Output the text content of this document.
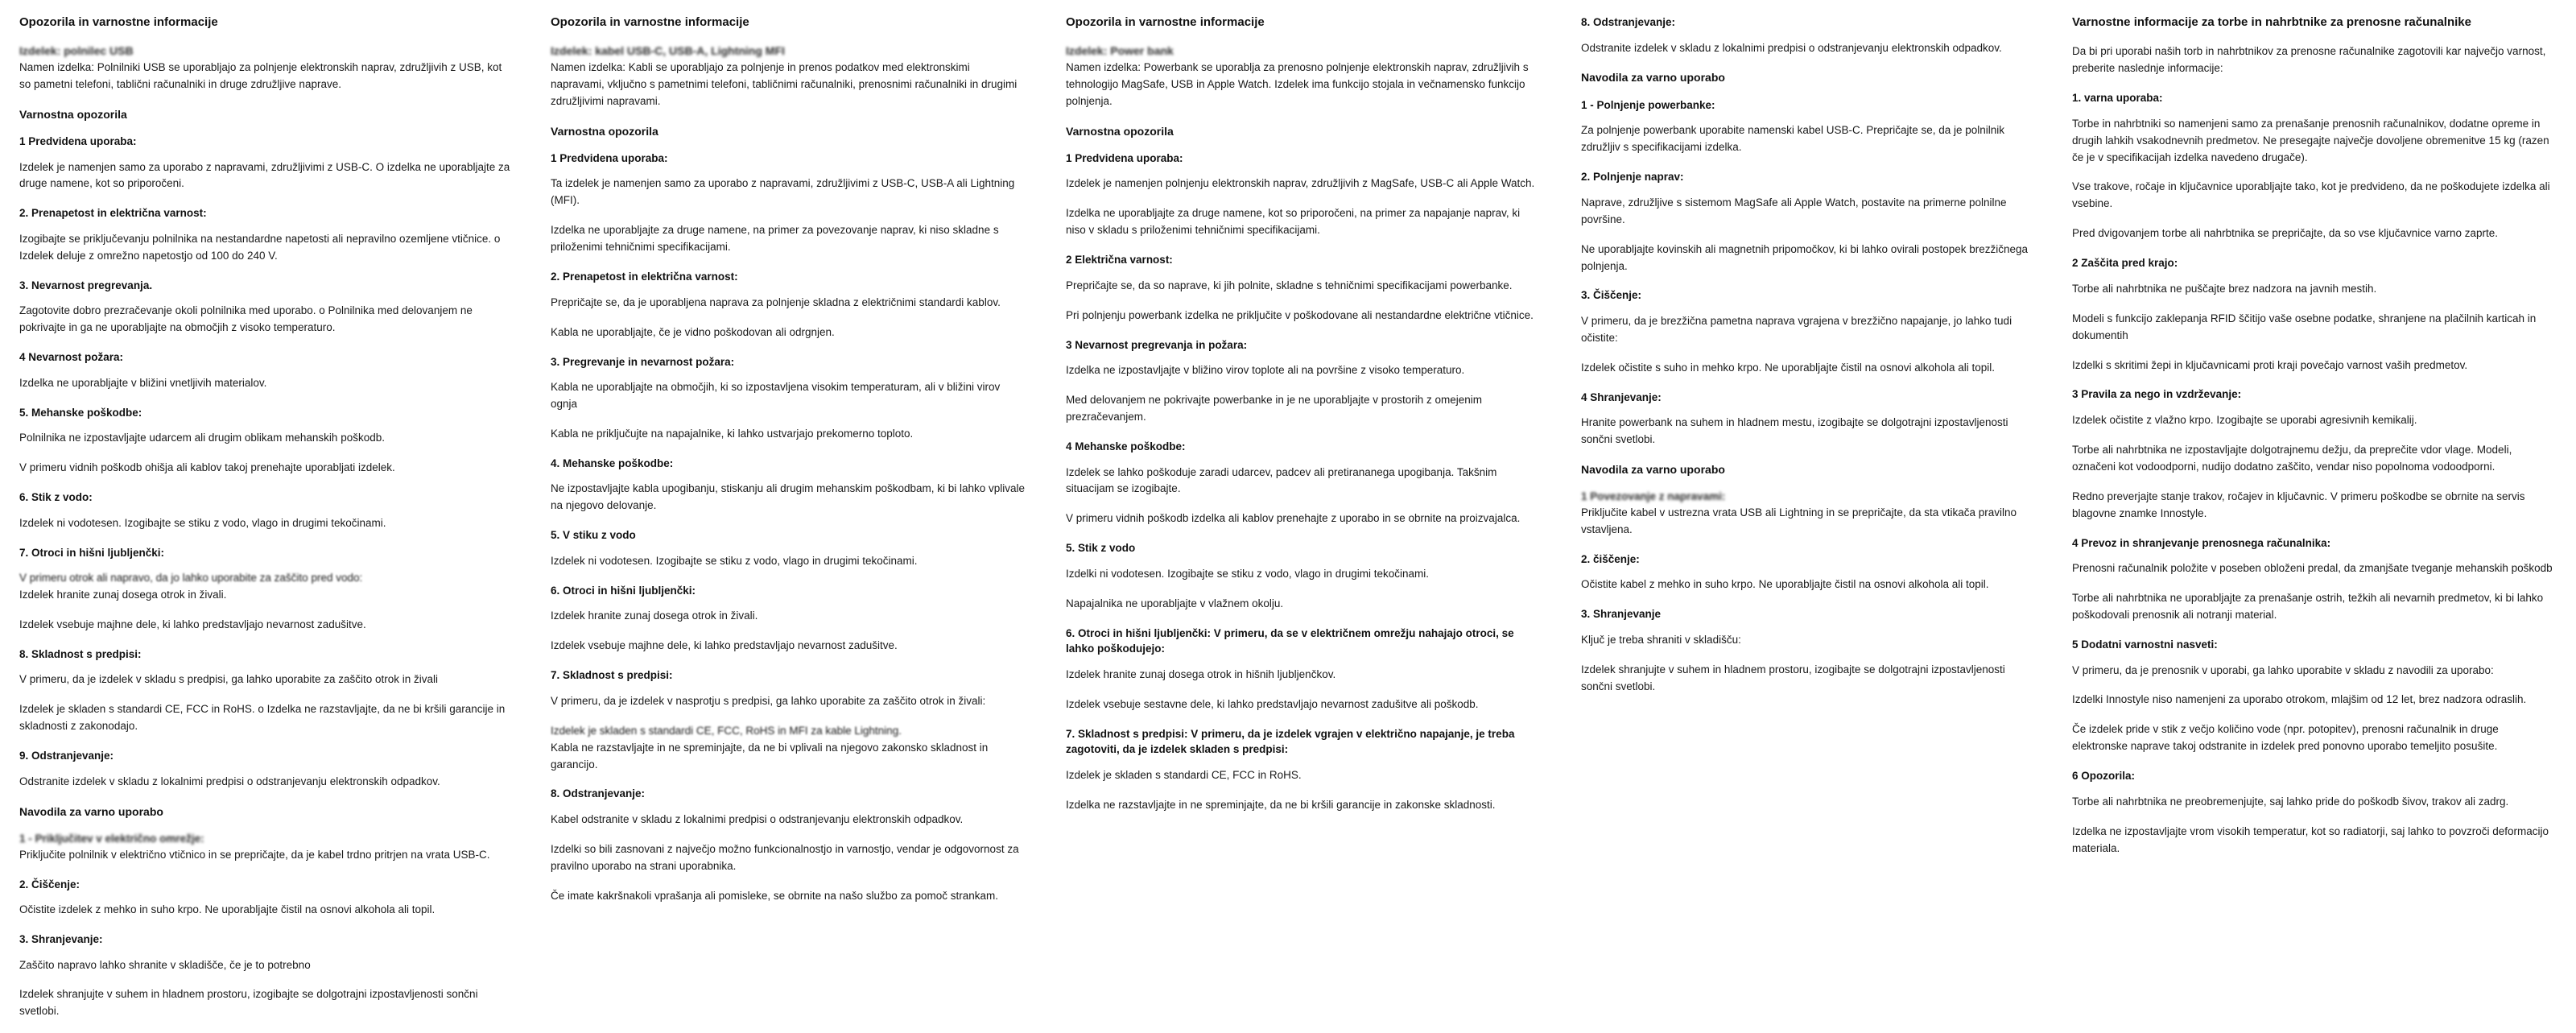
Opozorila in varnostne informacije
Izdelek: polnilec USB
Namen izdelka: Polnilniki USB se uporabljajo za polnjenje elektronskih naprav, združljivih z USB, kot so pametni telefoni, tablični računalniki in druge združljive naprave.
Varnostna opozorila
1 Predvidena uporaba:
Izdelek je namenjen samo za uporabo z napravami, združljivimi z USB-C. O izdelka ne uporabljajte za druge namene, kot so priporočeni.
2. Prenapetost in električna varnost:
Izogibajte se priključevanju polnilnika na nestandardne napetosti ali nepravilno ozemljene vtičnice. o Izdelek deluje z omrežno napetostjo od 100 do 240 V.
3. Nevarnost pregrevanja.
Zagotovite dobro prezračevanje okoli polnilnika med uporabo. o Polnilnika med delovanjem ne pokrivajte in ga ne uporabljajte na območjih z visoko temperaturo.
4 Nevarnost požara:
Izdelka ne uporabljajte v bližini vnetljivih materialov.
5. Mehanske poškodbe:
Polnilnika ne izpostavljajte udarcem ali drugim oblikam mehanskih poškodb.
V primeru vidnih poškodb ohišja ali kablov takoj prenehajte uporabljati izdelek.
6. Stik z vodo:
Izdelek ni vodotesen. Izogibajte se stiku z vodo, vlago in drugimi tekočinami.
7. Otroci in hišni ljubljenčki:
V primeru otrok ali napravo, da jo lahko uporabite za zaščito pred vodo:
Izdelek hranite zunaj dosega otrok in živali.
Izdelek vsebuje majhne dele, ki lahko predstavljajo nevarnost zadušitve.
8. Skladnost s predpisi:
V primeru, da je izdelek v skladu s predpisi, ga lahko uporabite za zaščito otrok in živali
Izdelek je skladen s standardi CE, FCC in RoHS. o Izdelka ne razstavljajte, da ne bi kršili garancije in skladnosti z zakonodajo.
9. Odstranjevanje:
Odstranite izdelek v skladu z lokalnimi predpisi o odstranjevanju elektronskih odpadkov.
Navodila za varno uporabo
1 - Priključitev v električno omrežje:
Priključite polnilnik v električno vtičnico in se prepričajte, da je kabel trdno pritrjen na vrata USB-C.
2. Čiščenje:
Očistite izdelek z mehko in suho krpo. Ne uporabljajte čistil na osnovi alkohola ali topil.
3. Shranjevanje:
Zaščito napravo lahko shranite v skladišče, če je to potrebno
Izdelek shranjujte v suhem in hladnem prostoru, izogibajte se dolgotrajni izpostavljenosti sončni svetlobi.
Opozorila in varnostne informacije
Izdelek: kabel USB-C, USB-A, Lightning MFI
Namen izdelka: Kabli se uporabljajo za polnjenje in prenos podatkov med elektronskimi napravami, vključno s pametnimi telefoni, tabličnimi računalniki, prenosnimi računalniki in drugimi združljivimi napravami.
Varnostna opozorila
1 Predvidena uporaba:
Ta izdelek je namenjen samo za uporabo z napravami, združljivimi z USB-C, USB-A ali Lightning (MFI).
Izdelka ne uporabljajte za druge namene, na primer za povezovanje naprav, ki niso skladne s priloženimi tehničnimi specifikacijami.
2. Prenapetost in električna varnost:
Prepričajte se, da je uporabljena naprava za polnjenje skladna z električnimi standardi kablov.
Kabla ne uporabljajte, če je vidno poškodovan ali odrgnjen.
3. Pregrevanje in nevarnost požara:
Kabla ne uporabljajte na območjih, ki so izpostavljena visokim temperaturam, ali v bližini virov ognja
Kabla ne priključujte na napajalnike, ki lahko ustvarjajo prekomerno toploto.
4. Mehanske poškodbe:
Ne izpostavljajte kabla upogibanju, stiskanju ali drugim mehanskim poškodbam, ki bi lahko vplivale na njegovo delovanje.
5. V stiku z vodo
Izdelek ni vodotesen. Izogibajte se stiku z vodo, vlago in drugimi tekočinami.
6. Otroci in hišni ljubljenčki:
Izdelek hranite zunaj dosega otrok in živali.
Izdelek vsebuje majhne dele, ki lahko predstavljajo nevarnost zadušitve.
7. Skladnost s predpisi:
V primeru, da je izdelek v nasprotju s predpisi, ga lahko uporabite za zaščito otrok in živali:
Izdelek je skladen s standardi CE, FCC, RoHS in MFI za kable Lightning.
Kabla ne razstavljajte in ne spreminjajte, da ne bi vplivali na njegovo zakonsko skladnost in garancijo.
8. Odstranjevanje:
Kabel odstranite v skladu z lokalnimi predpisi o odstranjevanju elektronskih odpadkov.
Izdelki so bili zasnovani z največjo možno funkcionalnostjo in varnostjo, vendar je odgovornost za pravilno uporabo na strani uporabnika.
Če imate kakršnakoli vprašanja ali pomisleke, se obrnite na našo službo za pomoč strankam.
Opozorila in varnostne informacije
Izdelek: Power bank
Namen izdelka: Powerbank se uporablja za prenosno polnjenje elektronskih naprav, združljivih s tehnologijo MagSafe, USB in Apple Watch. Izdelek ima funkcijo stojala in večnamensko funkcijo polnjenja.
Varnostna opozorila
1 Predvidena uporaba:
Izdelek je namenjen polnjenju elektronskih naprav, združljivih z MagSafe, USB-C ali Apple Watch.
Izdelka ne uporabljajte za druge namene, kot so priporočeni, na primer za napajanje naprav, ki niso v skladu s priloženimi tehničnimi specifikacijami.
2 Električna varnost:
Prepričajte se, da so naprave, ki jih polnite, skladne s tehničnimi specifikacijami powerbanke.
Pri polnjenju powerbank izdelka ne priključite v poškodovane ali nestandardne električne vtičnice.
3 Nevarnost pregrevanja in požara:
Izdelka ne izpostavljajte v bližino virov toplote ali na površine z visoko temperaturo.
Med delovanjem ne pokrivajte powerbanke in je ne uporabljajte v prostorih z omejenim prezračevanjem.
4 Mehanske poškodbe:
Izdelek se lahko poškoduje zaradi udarcev, padcev ali pretirananega upogibanja. Takšnim situacijam se izogibajte.
V primeru vidnih poškodb izdelka ali kablov prenehajte z uporabo in se obrnite na proizvajalca.
5. Stik z vodo
Izdelki ni vodotesen. Izogibajte se stiku z vodo, vlago in drugimi tekočinami.
Napajalnika ne uporabljajte v vlažnem okolju.
6. Otroci in hišni ljubljenčki: V primeru, da se v električnem omrežju nahajajo otroci, se lahko poškodujejo:
Izdelek hranite zunaj dosega otrok in hišnih ljubljenčkov.
Izdelek vsebuje sestavne dele, ki lahko predstavljajo nevarnost zadušitve ali poškodb.
7. Skladnost s predpisi: V primeru, da je izdelek vgrajen v električno napajanje, je treba zagotoviti, da je izdelek skladen s predpisi:
Izdelek je skladen s standardi CE, FCC in RoHS.
Izdelka ne razstavljajte in ne spreminjajte, da ne bi kršili garancije in zakonske skladnosti.
8. Odstranjevanje:
Odstranite izdelek v skladu z lokalnimi predpisi o odstranjevanju elektronskih odpadkov.
Navodila za varno uporabo
1 - Polnjenje powerbanke:
Za polnjenje powerbank uporabite namenski kabel USB-C. Prepričajte se, da je polnilnik združljiv s specifikacijami izdelka.
2. Polnjenje naprav:
Naprave, združljive s sistemom MagSafe ali Apple Watch, postavite na primerne polnilne površine.
Ne uporabljajte kovinskih ali magnetnih pripomočkov, ki bi lahko ovirali postopek brezžičnega polnjenja.
3. Čiščenje:
V primeru, da je brezžična pametna naprava vgrajena v brezžično napajanje, jo lahko tudi očistite:
Izdelek očistite s suho in mehko krpo. Ne uporabljajte čistil na osnovi alkohola ali topil.
4 Shranjevanje:
Hranite powerbank na suhem in hladnem mestu, izogibajte se dolgotrajni izpostavljenosti sončni svetlobi.
Navodila za varno uporabo
1 Povezovanje z napravami:
Priključite kabel v ustrezna vrata USB ali Lightning in se prepričajte, da sta vtikača pravilno vstavljena.
2. čiščenje:
Očistite kabel z mehko in suho krpo. Ne uporabljajte čistil na osnovi alkohola ali topil.
3. Shranjevanje
Ključ je treba shraniti v skladišču:
Izdelek shranjujte v suhem in hladnem prostoru, izogibajte se dolgotrajni izpostavljenosti sončni svetlobi.
Varnostne informacije za torbe in nahrbtnike za prenosne računalnike
Da bi pri uporabi naših torb in nahrbtnikov za prenosne računalnike zagotovili kar največjo varnost, preberite naslednje informacije:
1. varna uporaba:
Torbe in nahrbtniki so namenjeni samo za prenašanje prenosnih računalnikov, dodatne opreme in drugih lahkih vsakodnevnih predmetov. Ne presegajte največje dovoljene obremenitve 15 kg (razen če je v specifikacijah izdelka navedeno drugače).
Vse trakove, ročaje in ključavnice uporabljajte tako, kot je predvideno, da ne poškodujete izdelka ali vsebine.
Pred dvigovanjem torbe ali nahrbtnika se prepričajte, da so vse ključavnice varno zaprte.
2 Zaščita pred krajo:
Torbe ali nahrbtnika ne puščajte brez nadzora na javnih mestih.
Modeli s funkcijo zaklepanja RFID ščitijo vaše osebne podatke, shranjene na plačilnih karticah in dokumentih
Izdelki s skritimi žepi in ključavnicami proti kraji povečajo varnost vaših predmetov.
3 Pravila za nego in vzdrževanje:
Izdelek očistite z vlažno krpo. Izogibajte se uporabi agresivnih kemikalij.
Torbe ali nahrbtnika ne izpostavljajte dolgotrajnemu dežju, da preprečite vdor vlage. Modeli, označeni kot vodoodporni, nudijo dodatno zaščito, vendar niso popolnoma vodoodporni.
Redno preverjajte stanje trakov, ročajev in ključavnic. V primeru poškodbe se obrnite na servis blagovne znamke Innostyle.
4 Prevoz in shranjevanje prenosnega računalnika:
Prenosni računalnik položite v poseben obloženi predal, da zmanjšate tveganje mehanskih poškodb
Torbe ali nahrbtnika ne uporabljajte za prenašanje ostrih, težkih ali nevarnih predmetov, ki bi lahko poškodovali prenosnik ali notranji material.
5 Dodatni varnostni nasveti:
V primeru, da je prenosnik v uporabi, ga lahko uporabite v skladu z navodili za uporabo:
Izdelki Innostyle niso namenjeni za uporabo otrokom, mlajšim od 12 let, brez nadzora odraslih.
Če izdelek pride v stik z večjo količino vode (npr. potopitev), prenosni računalnik in druge elektronske naprave takoj odstranite in izdelek pred ponovno uporabo temeljito posušite.
6 Opozorila:
Torbe ali nahrbtnika ne preobremenjujte, saj lahko pride do poškodb šivov, trakov ali zadrg.
Izdelka ne izpostavljajte vrom visokih temperatur, kot so radiatorji, saj lahko to povzroči deformacijo materiala.
